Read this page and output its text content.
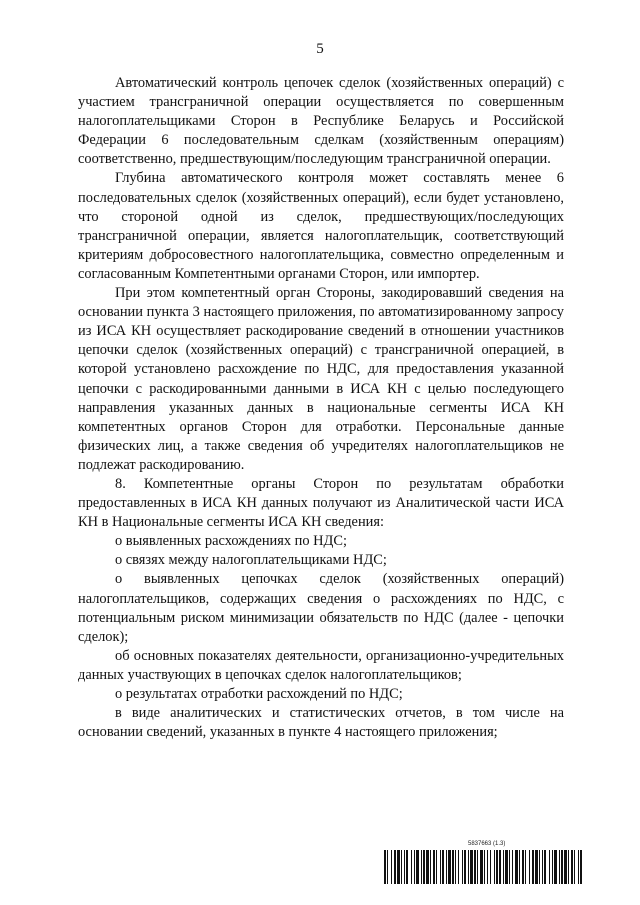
5

Автоматический контроль цепочек сделок (хозяйственных операций) с участием трансграничной операции осуществляется по совершенным налогоплательщиками Сторон в Республике Беларусь и Российской Федерации 6 последовательным сделкам (хозяйственным операциям) соответственно, предшествующим/последующим трансграничной операции.

Глубина автоматического контроля может составлять менее 6 последовательных сделок (хозяйственных операций), если будет установлено, что стороной одной из сделок, предшествующих/последующих трансграничной операции, является налогоплательщик, соответствующий критериям добросовестного налогоплательщика, совместно определенным и согласованным Компетентными органами Сторон, или импортер.

При этом компетентный орган Стороны, закодировавший сведения на основании пункта 3 настоящего приложения, по автоматизированному запросу из ИСА КН осуществляет раскодирование сведений в отношении участников цепочки сделок (хозяйственных операций) с трансграничной операцией, в которой установлено расхождение по НДС, для предоставления указанной цепочки с раскодированными данными в ИСА КН с целью последующего направления указанных данных в национальные сегменты ИСА КН компетентных органов Сторон для отработки. Персональные данные физических лиц, а также сведения об учредителях налогоплательщиков не подлежат раскодированию.

8. Компетентные органы Сторон по результатам обработки предоставленных в ИСА КН данных получают из Аналитической части ИСА КН в Национальные сегменты ИСА КН сведения:

о выявленных расхождениях по НДС;

о связях между налогоплательщиками НДС;

о выявленных цепочках сделок (хозяйственных операций) налогоплательщиков, содержащих сведения о расхождениях по НДС, с потенциальным риском минимизации обязательств по НДС (далее - цепочки сделок);

об основных показателях деятельности, организационно-учредительных данных участвующих в цепочках сделок налогоплательщиков;

о результатах отработки расхождений по НДС;

в виде аналитических и статистических отчетов, в том числе на основании сведений, указанных в пункте 4 настоящего приложения;

5837663 (1.3)
